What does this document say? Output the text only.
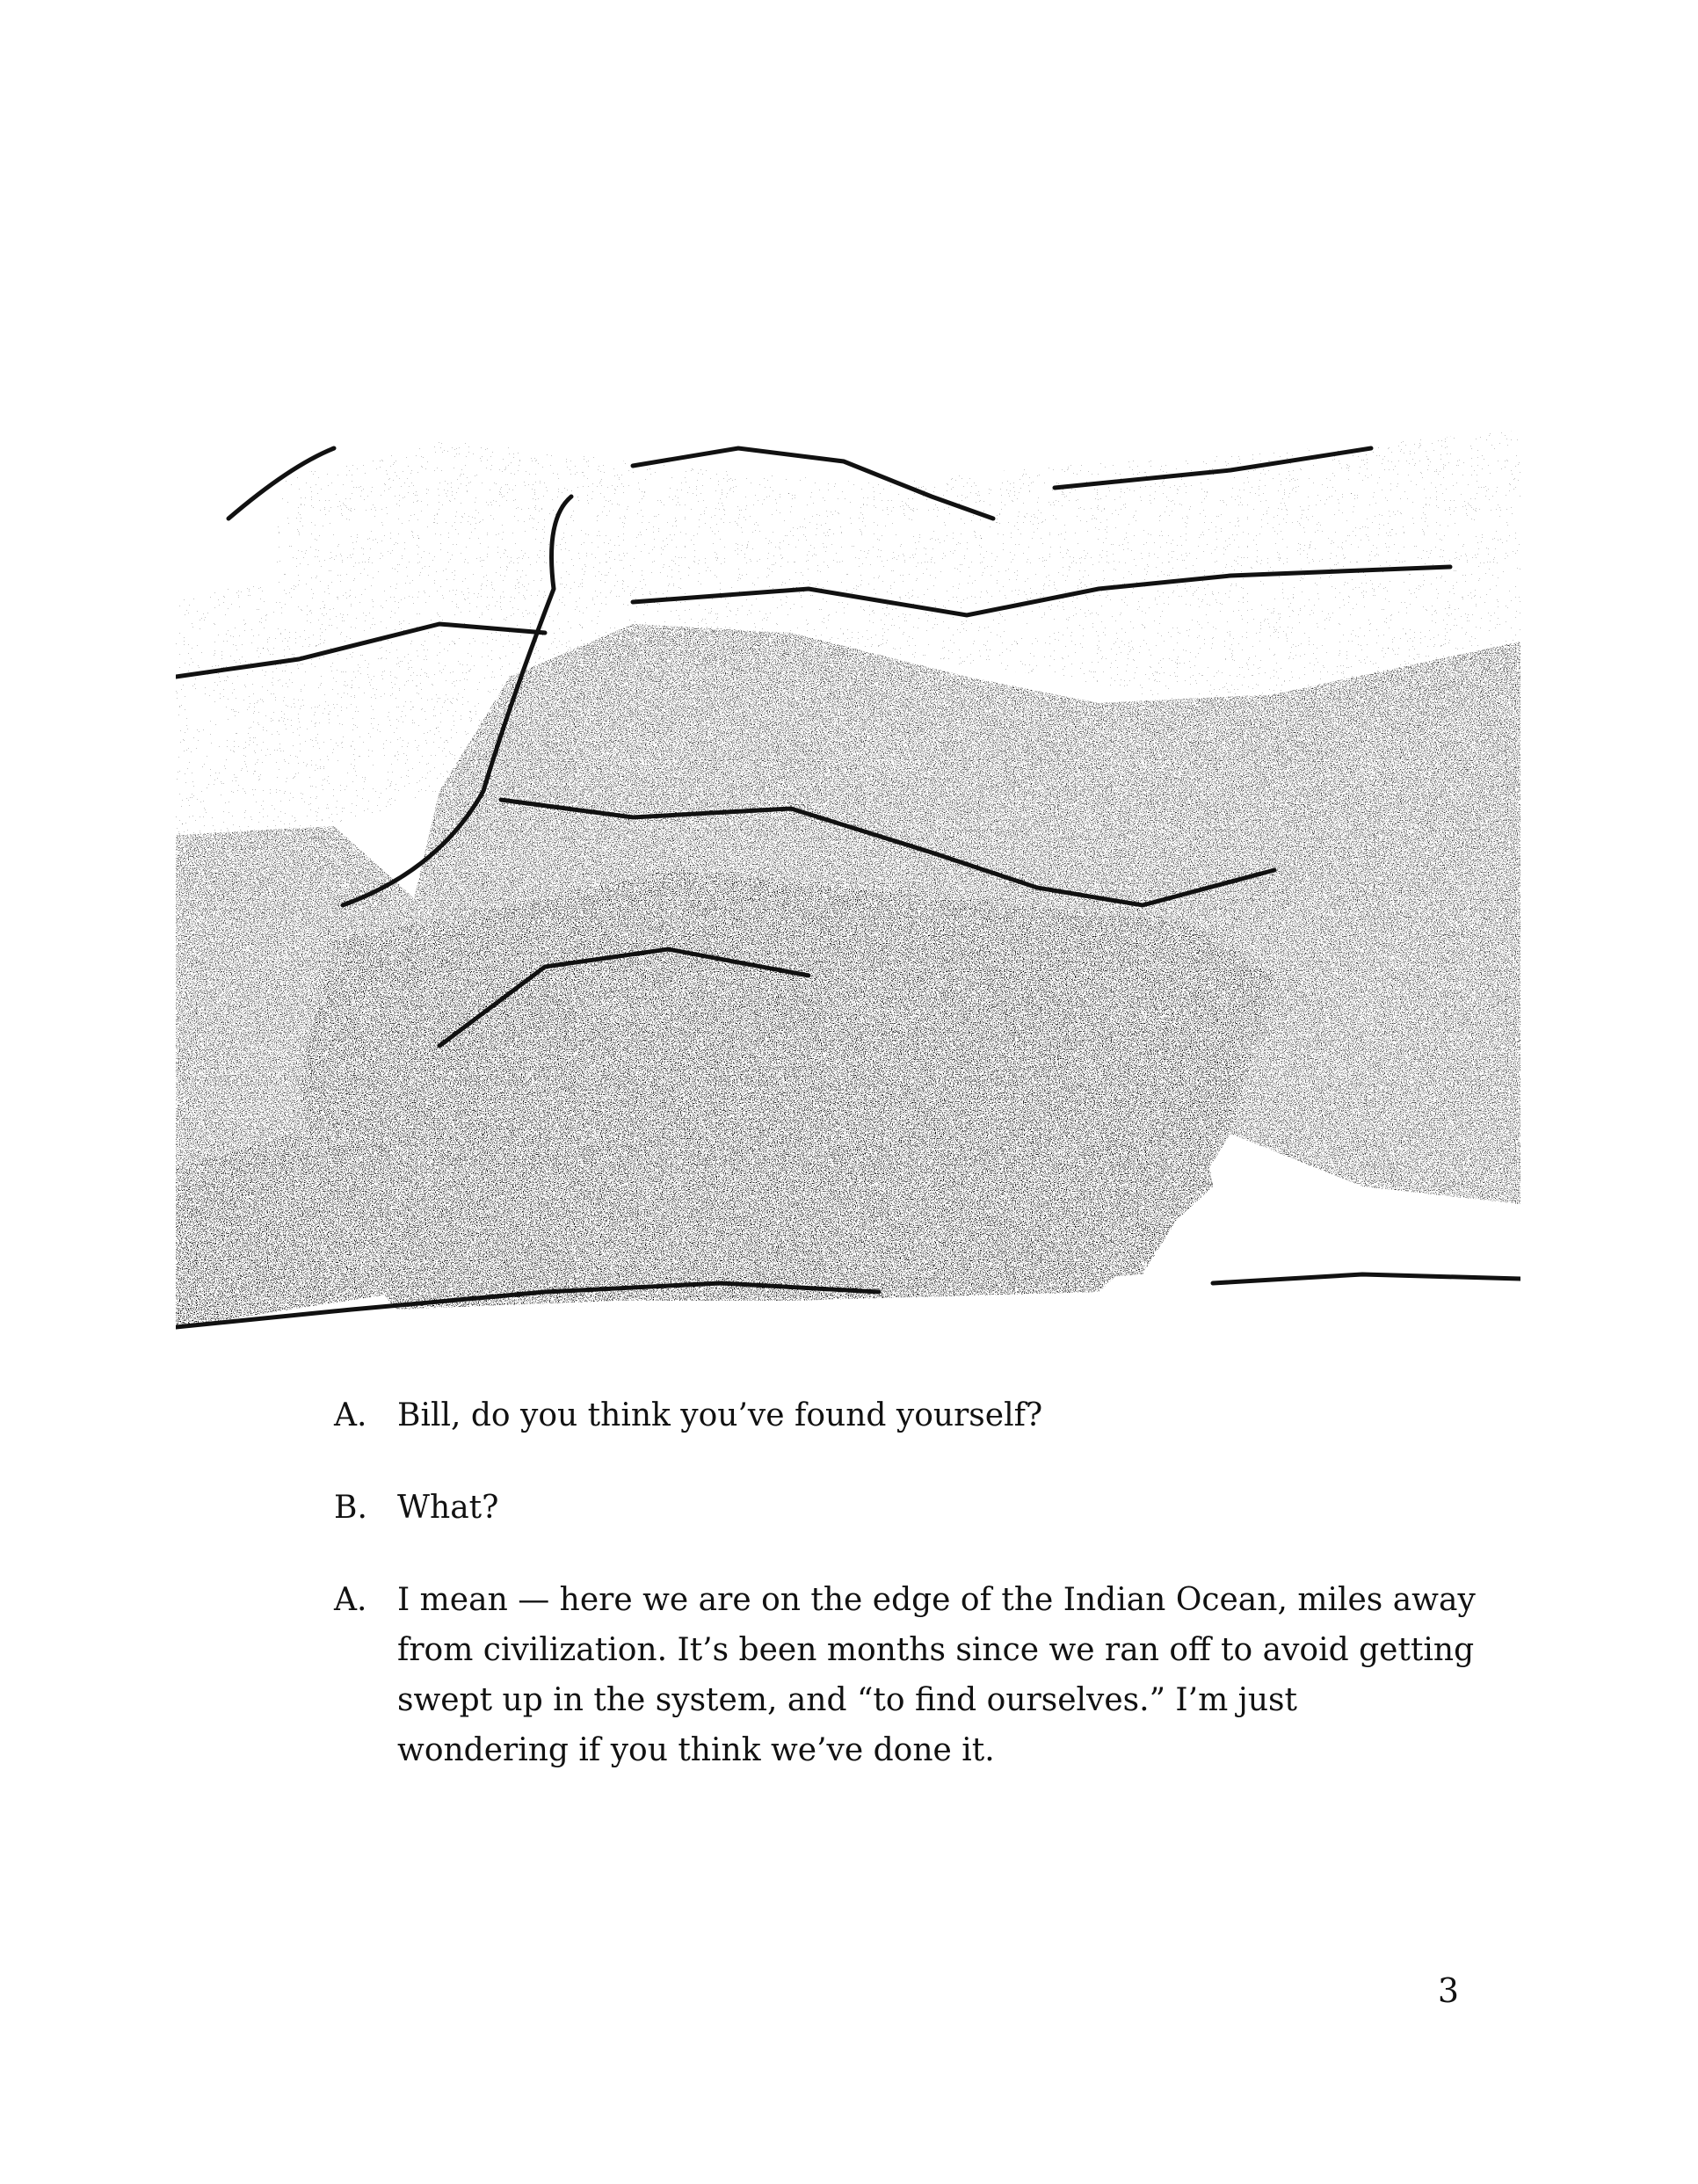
A. Bill, do you think you’ve found yourself?
B. What?
A. I mean — here we are on the edge of the Indian Ocean, miles away from civilization. It’s been months since we ran off to avoid getting swept up in the system, and “to find ourselves.” I’m just wondering if you think we’ve done it.
3
